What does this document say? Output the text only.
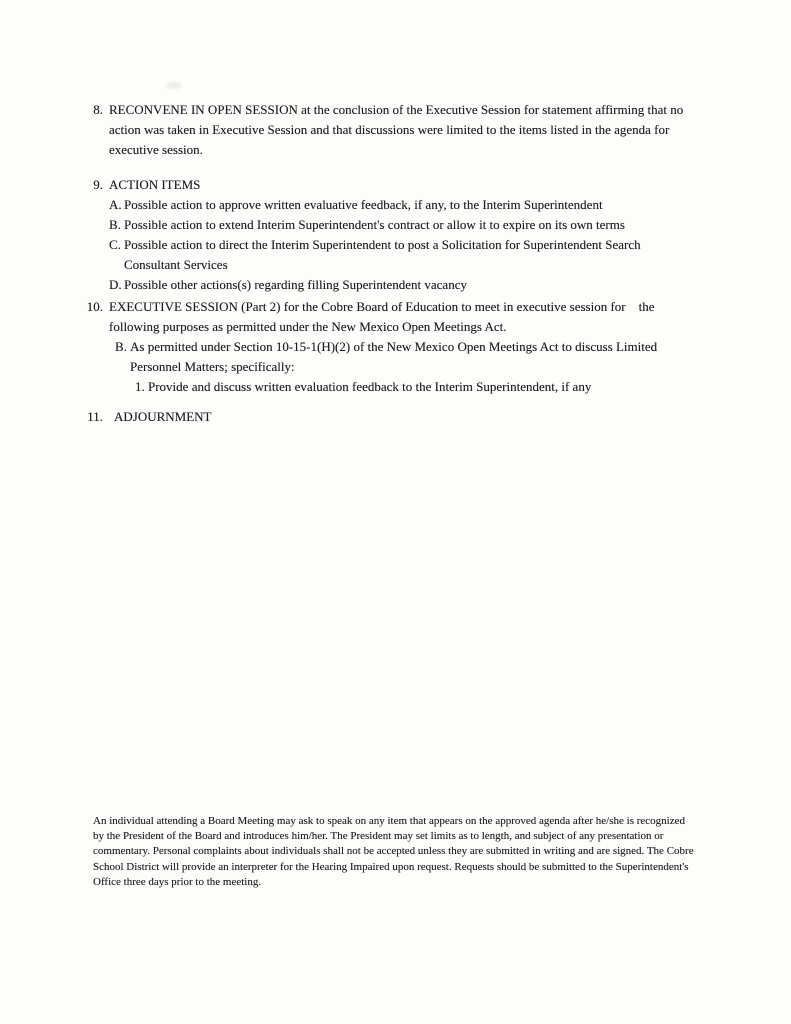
8. RECONVENE IN OPEN SESSION at the conclusion of the Executive Session for statement affirming that no action was taken in Executive Session and that discussions were limited to the items listed in the agenda for executive session.
9. ACTION ITEMS
A. Possible action to approve written evaluative feedback, if any, to the Interim Superintendent
B. Possible action to extend Interim Superintendent's contract or allow it to expire on its own terms
C. Possible action to direct the Interim Superintendent to post a Solicitation for Superintendent Search Consultant Services
D. Possible other actions(s) regarding filling Superintendent vacancy
10. EXECUTIVE SESSION (Part 2) for the Cobre Board of Education to meet in executive session for    the following purposes as permitted under the New Mexico Open Meetings Act.
B. As permitted under Section 10-15-1(H)(2) of the New Mexico Open Meetings Act to discuss Limited Personnel Matters; specifically:
1. Provide and discuss written evaluation feedback to the Interim Superintendent, if any
11. ADJOURNMENT
An individual attending a Board Meeting may ask to speak on any item that appears on the approved agenda after he/she is recognized by the President of the Board and introduces him/her. The President may set limits as to length, and subject of any presentation or commentary. Personal complaints about individuals shall not be accepted unless they are submitted in writing and are signed. The Cobre School District will provide an interpreter for the Hearing Impaired upon request. Requests should be submitted to the Superintendent's Office three days prior to the meeting.
